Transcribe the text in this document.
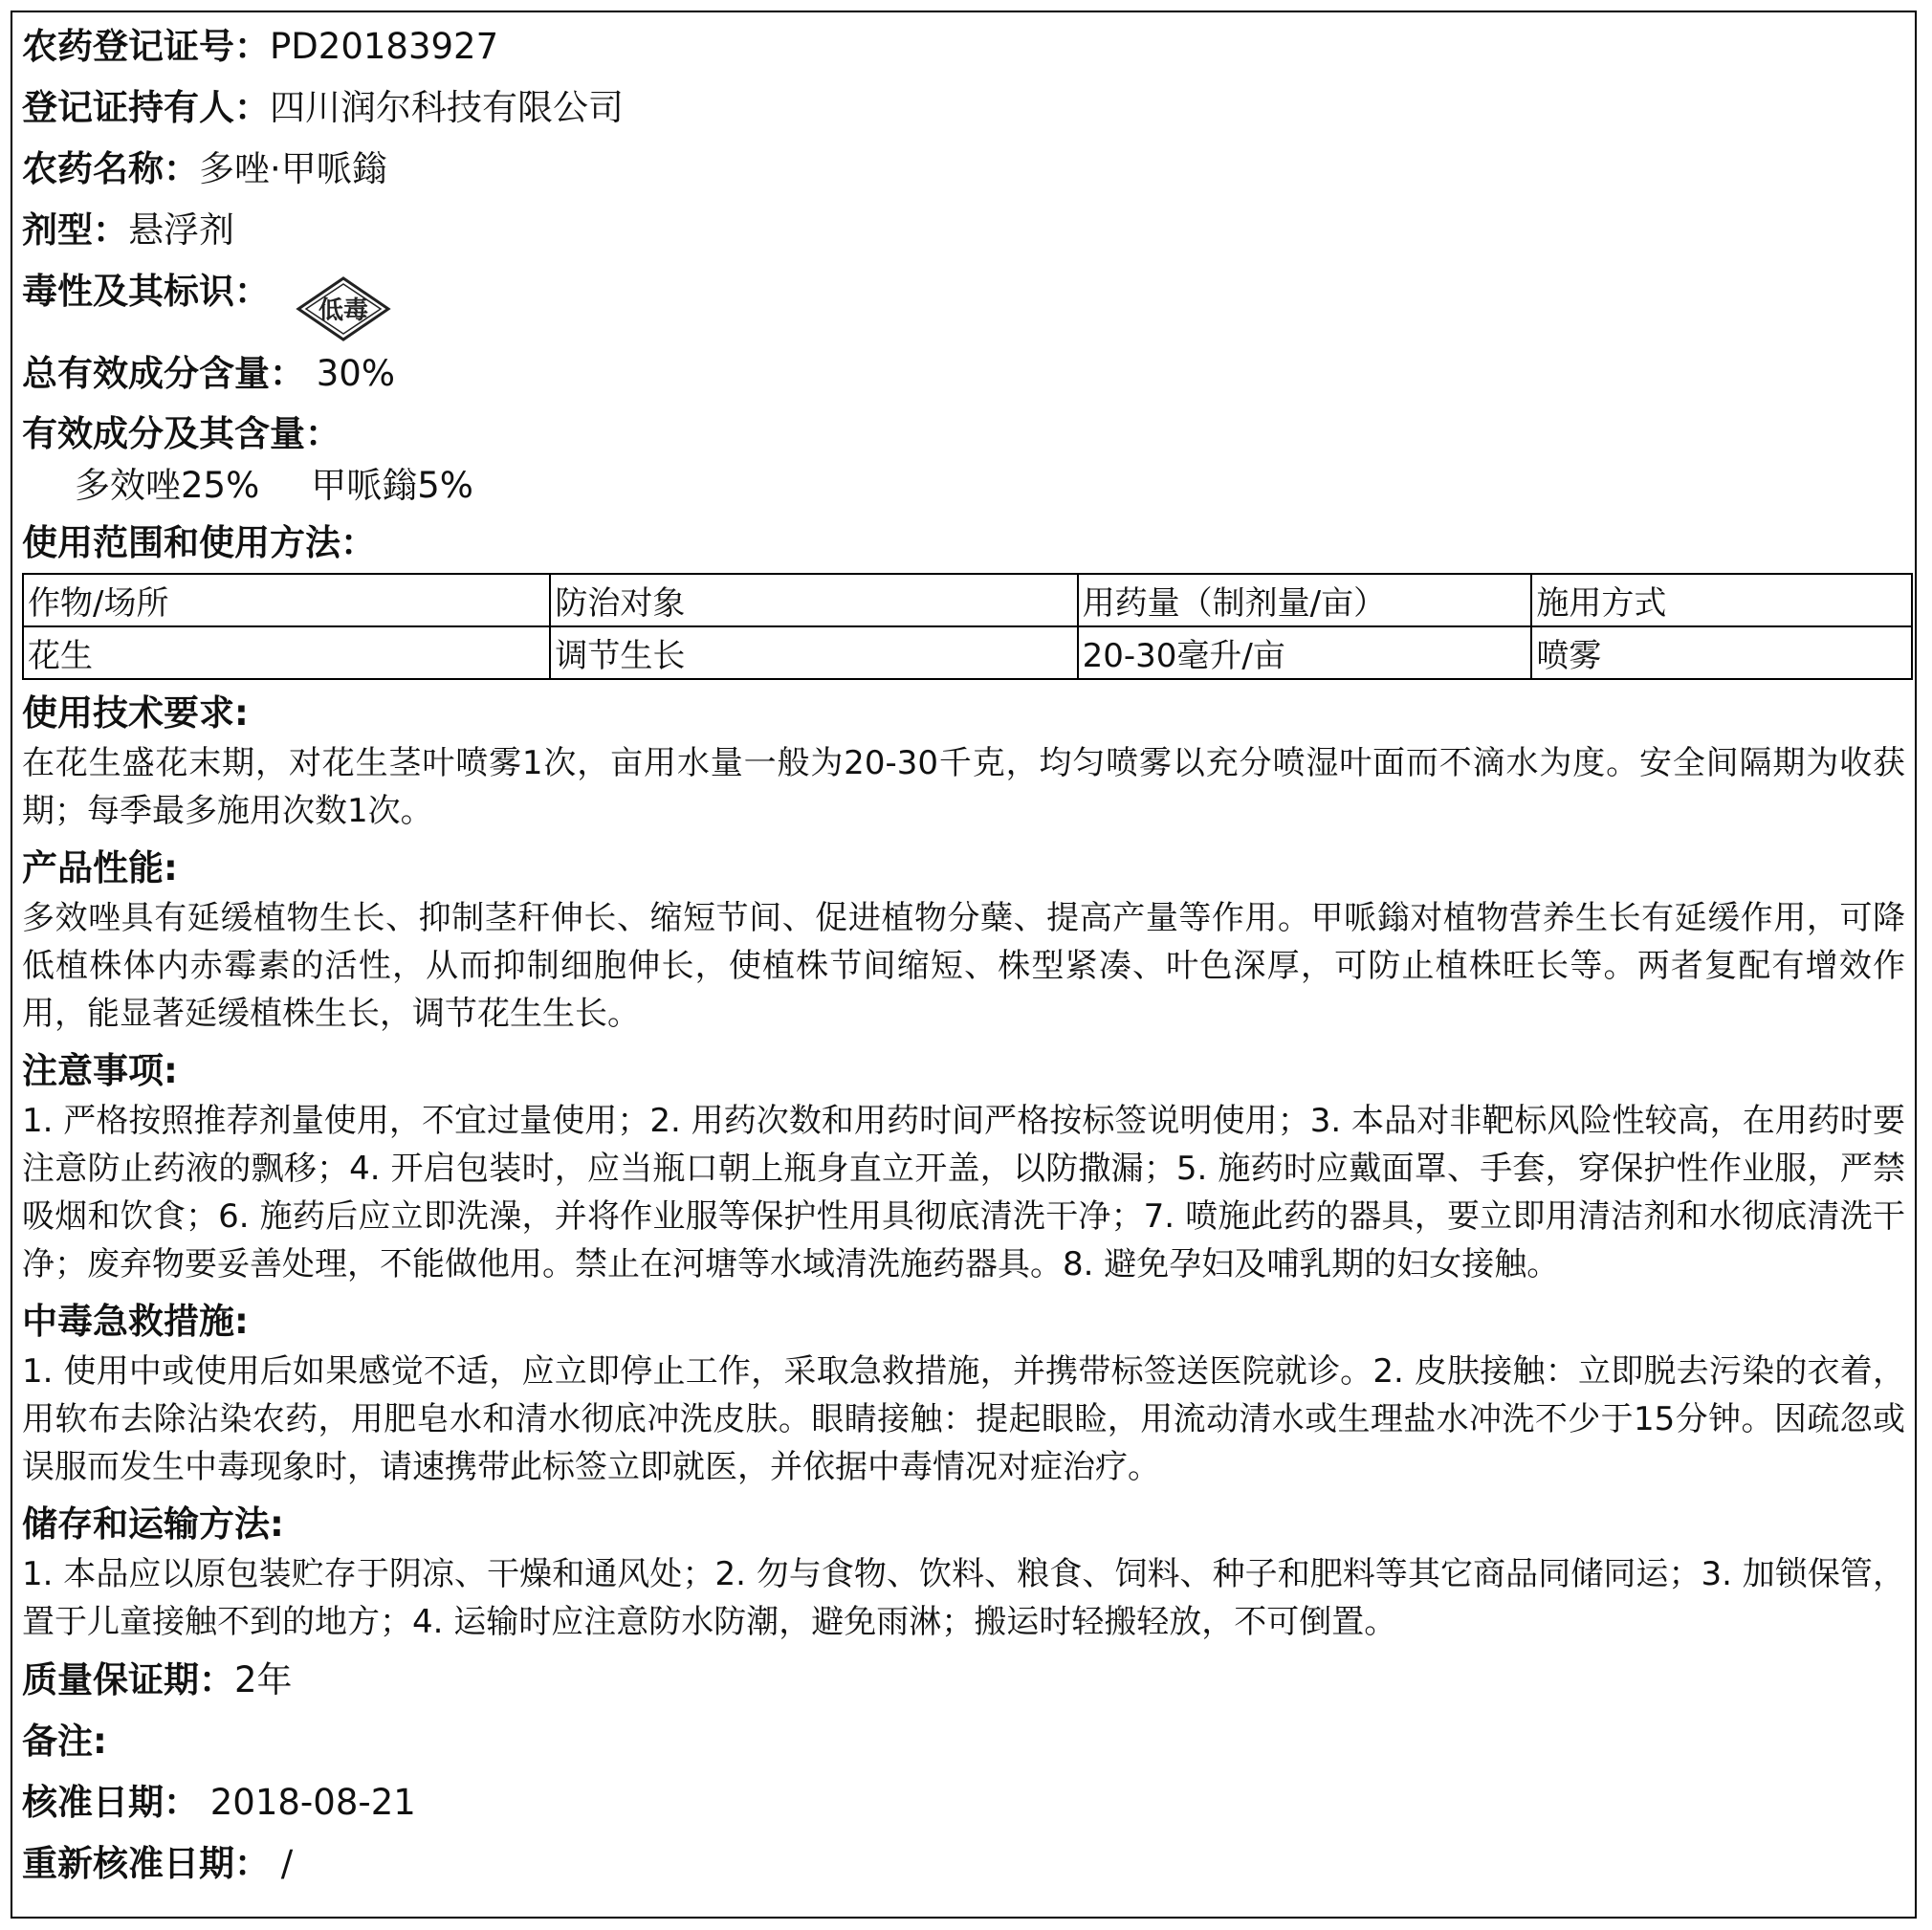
农药登记证号：PD20183927
登记证持有人：四川润尔科技有限公司
农药名称：多唑·甲哌鎓
剂型：悬浮剂
毒性及其标识： 低毒
总有效成分含量： 30%
有效成分及其含量：
多效唑25% 甲哌鎓5%
使用范围和使用方法：
作物/场所	防治对象	用药量（制剂量/亩）	施用方式
花生	调节生长	20-30毫升/亩	喷雾
使用技术要求:
在花生盛花末期，对花生茎叶喷雾1次，亩用水量一般为20-30千克，均匀喷雾以充分喷湿叶面而不滴水为度。安全间隔期为收获期；每季最多施用次数1次。
产品性能:
多效唑具有延缓植物生长、抑制茎秆伸长、缩短节间、促进植物分蘖、提高产量等作用。甲哌鎓对植物营养生长有延缓作用，可降低植株体内赤霉素的活性，从而抑制细胞伸长，使植株节间缩短、株型紧凑、叶色深厚，可防止植株旺长等。两者复配有增效作用，能显著延缓植株生长，调节花生生长。
注意事项:
1. 严格按照推荐剂量使用，不宜过量使用；2. 用药次数和用药时间严格按标签说明使用；3. 本品对非靶标风险性较高，在用药时要注意防止药液的飘移；4. 开启包装时，应当瓶口朝上瓶身直立开盖，以防撒漏；5. 施药时应戴面罩、手套，穿保护性作业服，严禁吸烟和饮食；6. 施药后应立即洗澡，并将作业服等保护性用具彻底清洗干净；7. 喷施此药的器具，要立即用清洁剂和水彻底清洗干净；废弃物要妥善处理，不能做他用。禁止在河塘等水域清洗施药器具。8. 避免孕妇及哺乳期的妇女接触。
中毒急救措施:
1. 使用中或使用后如果感觉不适，应立即停止工作，采取急救措施，并携带标签送医院就诊。2. 皮肤接触：立即脱去污染的衣着，用软布去除沾染农药，用肥皂水和清水彻底冲洗皮肤。眼睛接触：提起眼睑，用流动清水或生理盐水冲洗不少于15分钟。因疏忽或误服而发生中毒现象时，请速携带此标签立即就医，并依据中毒情况对症治疗。
储存和运输方法:
1. 本品应以原包装贮存于阴凉、干燥和通风处；2. 勿与食物、饮料、粮食、饲料、种子和肥料等其它商品同储同运；3. 加锁保管，置于儿童接触不到的地方；4. 运输时应注意防水防潮，避免雨淋；搬运时轻搬轻放，不可倒置。
质量保证期：2年
备注:
核准日期： 2018-08-21
重新核准日期： /
